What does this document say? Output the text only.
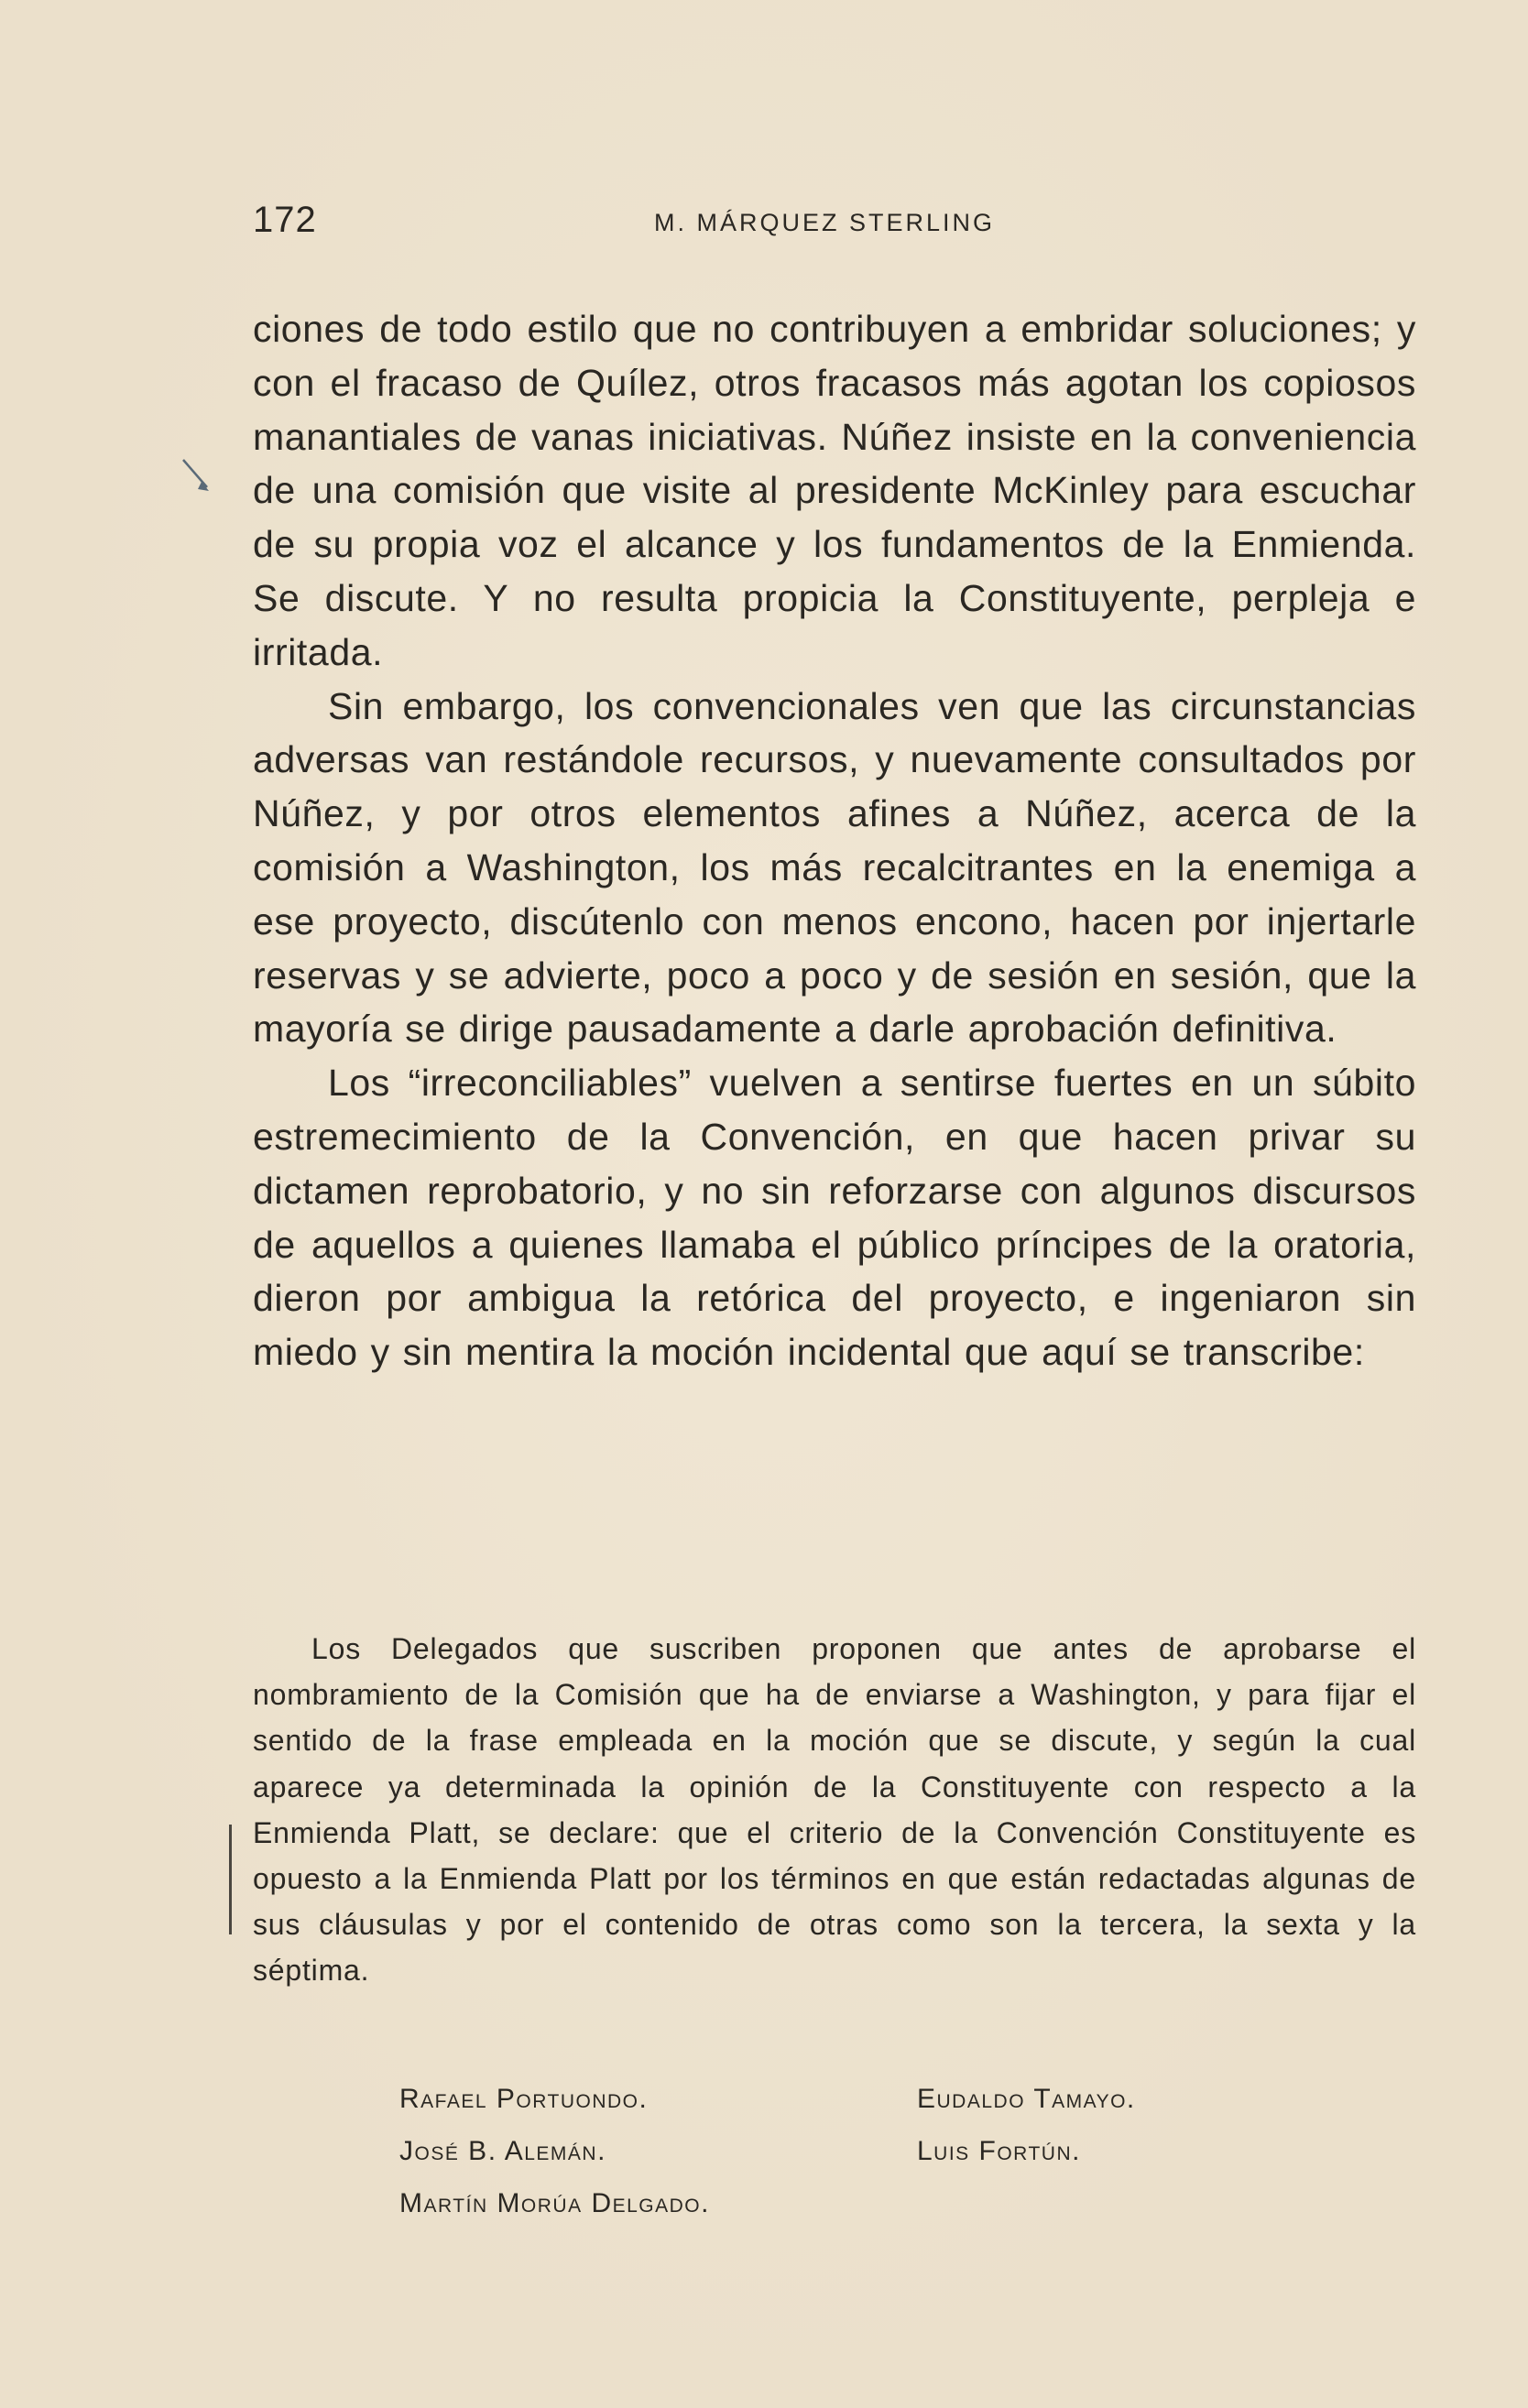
172	M. MÁRQUEZ STERLING

ciones de todo estilo que no contribuyen a embridar soluciones; y con el fracaso de Quílez, otros fracasos más agotan los copiosos manantiales de vanas iniciativas. Núñez insiste en la conveniencia de una comisión que visite al presidente McKinley para escuchar de su propia voz el alcance y los fundamentos de la Enmienda. Se discute. Y no resulta propicia la Constituyente, perpleja e irritada.

Sin embargo, los convencionales ven que las circunstancias adversas van restándole recursos, y nuevamente consultados por Núñez, y por otros elementos afines a Núñez, acerca de la comisión a Washington, los más recalcitrantes en la enemiga a ese proyecto, discútenlo con menos encono, hacen por injertarle reservas y se advierte, poco a poco y de sesión en sesión, que la mayoría se dirige pausadamente a darle aprobación definitiva.

Los “irreconciliables” vuelven a sentirse fuertes en un súbito estremecimiento de la Convención, en que hacen privar su dictamen reprobatorio, y no sin reforzarse con algunos discursos de aquellos a quienes llamaba el público príncipes de la oratoria, dieron por ambigua la retórica del proyecto, e ingeniaron sin miedo y sin mentira la moción incidental que aquí se transcribe:

Los Delegados que suscriben proponen que antes de aprobarse el nombramiento de la Comisión que ha de enviarse a Washington, y para fijar el sentido de la frase empleada en la moción que se discute, y según la cual aparece ya determinada la opinión de la Constituyente con respecto a la Enmienda Platt, se declare: que el criterio de la Convención Constituyente es opuesto a la Enmienda Platt por los términos en que están redactadas algunas de sus cláusulas y por el contenido de otras como son la tercera, la sexta y la séptima.

Rafael Portuondo.
José B. Alemán.
Martín Morúa Delgado.
Eudaldo Tamayo.
Luis Fortún.
